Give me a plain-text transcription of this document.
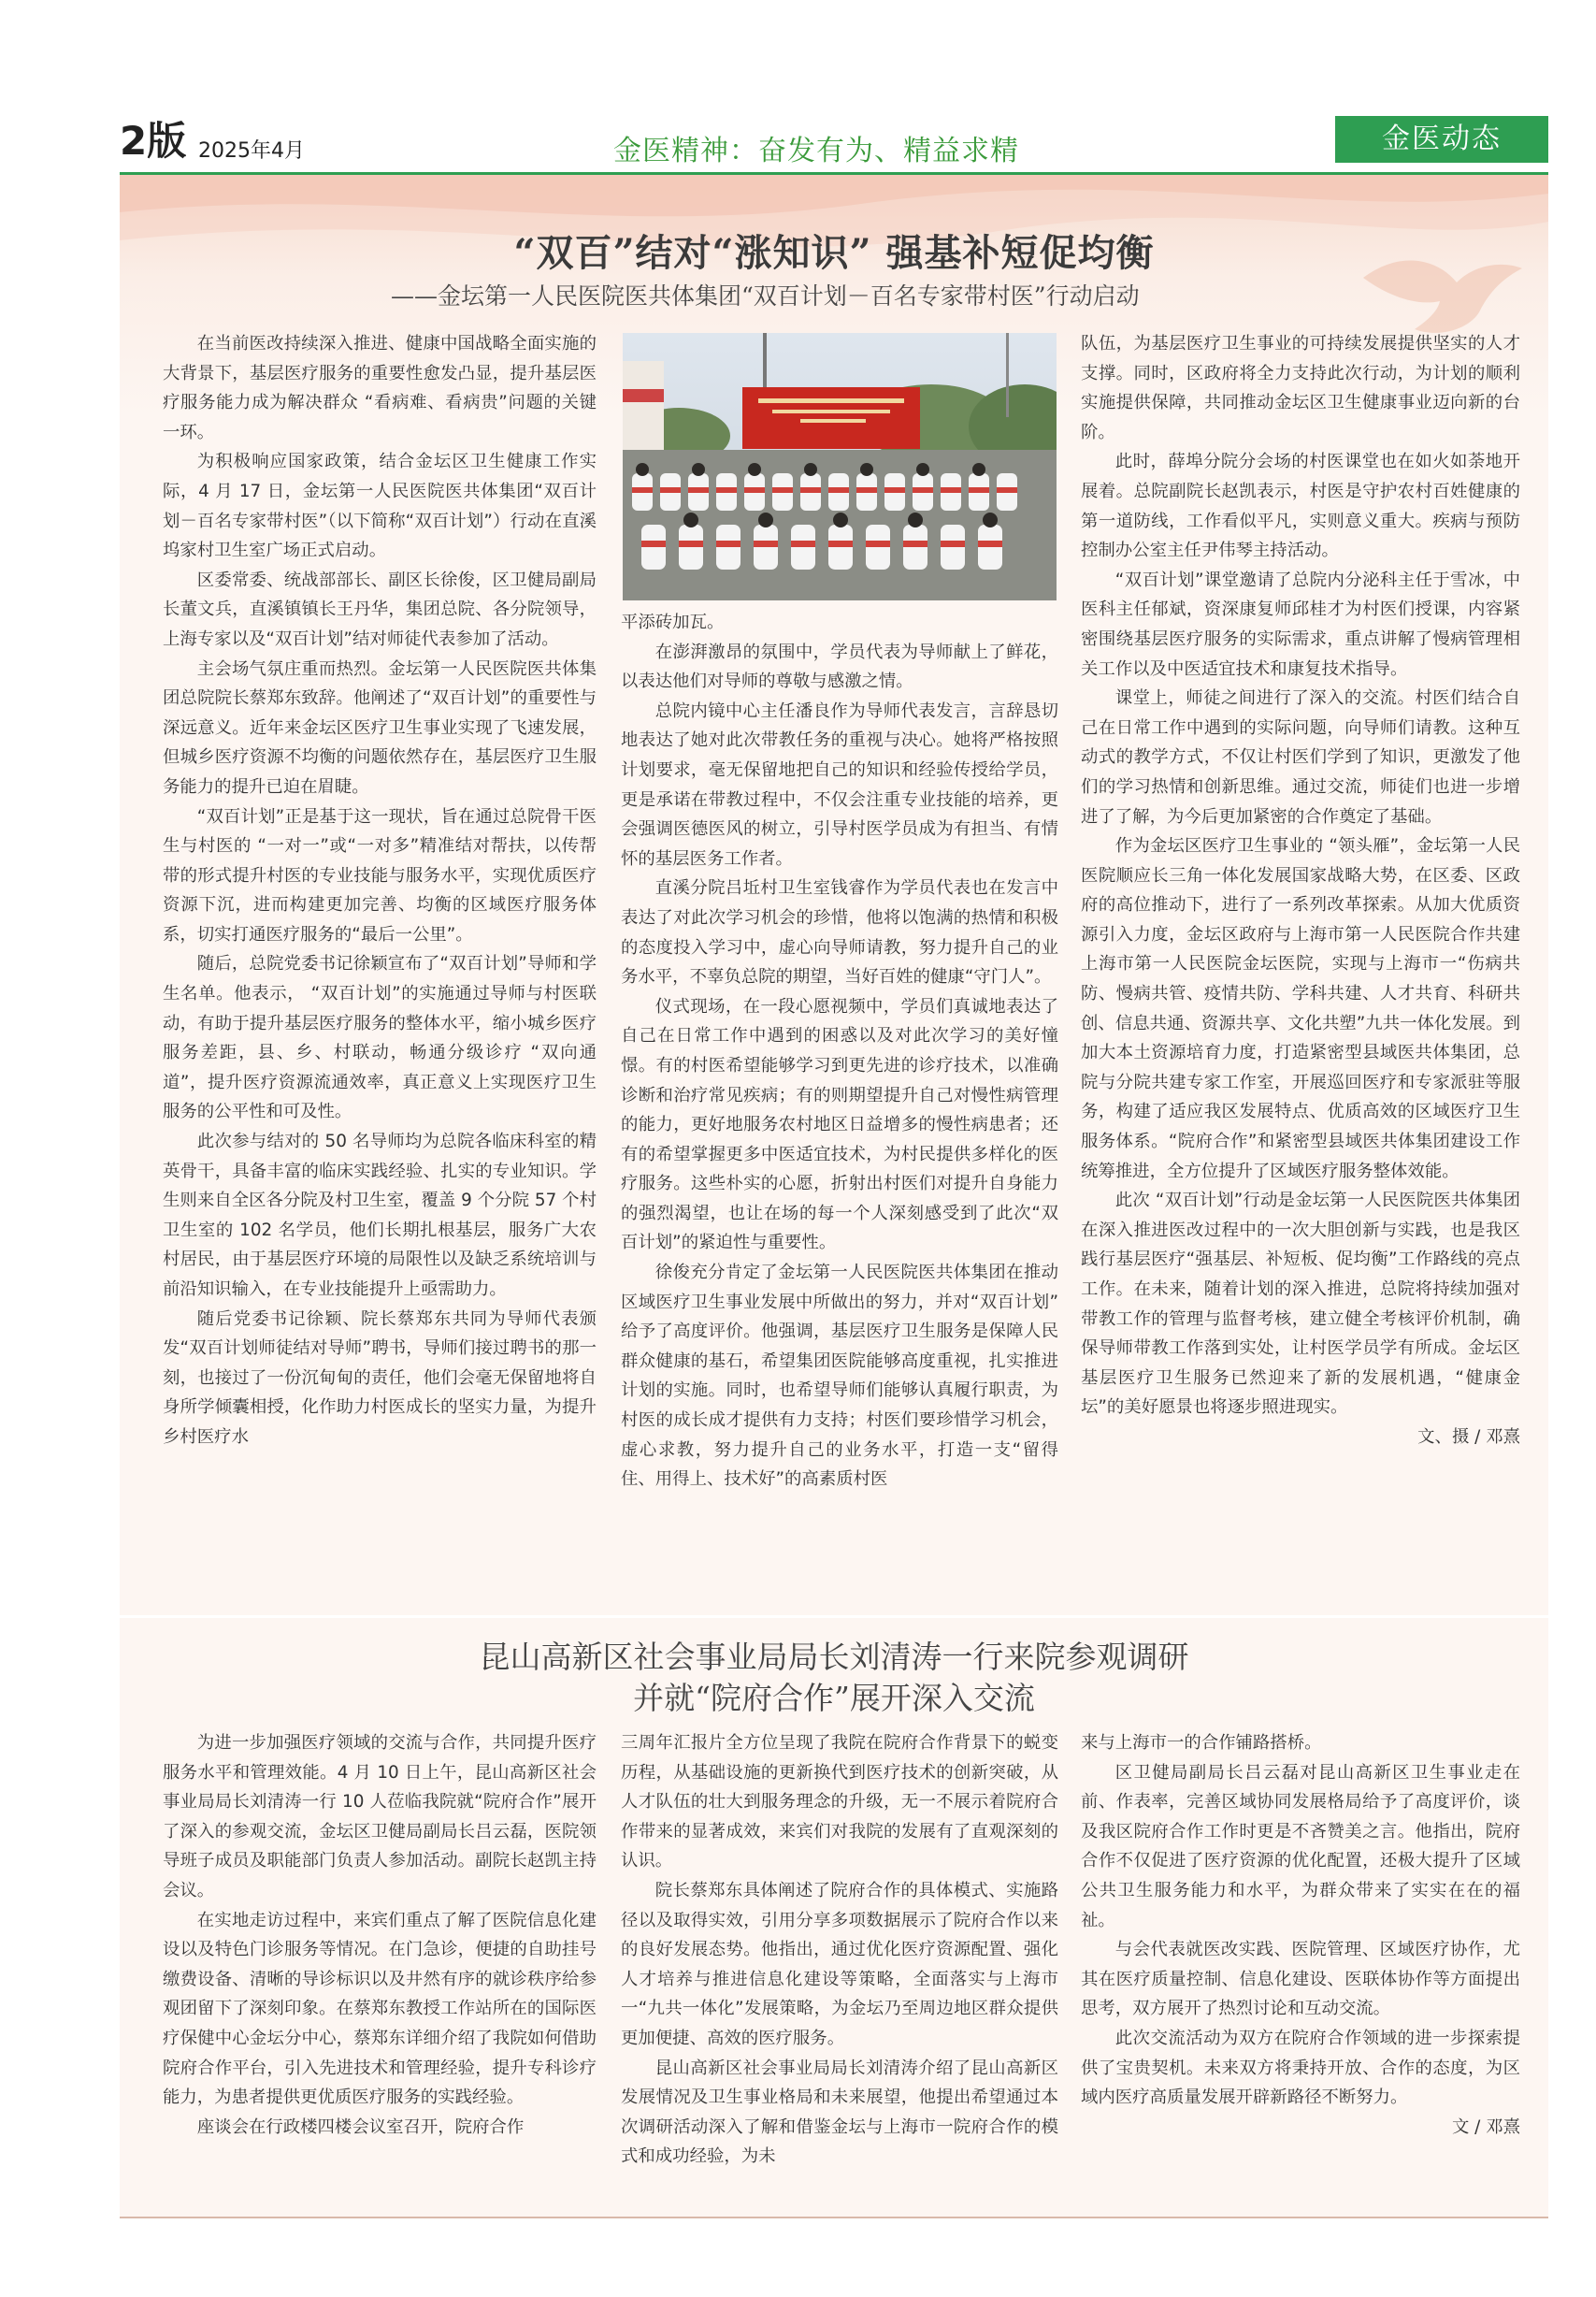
2版 2025年4月	金医精神：奋发有为、精益求精	金医动态
“双百”结对“涨知识” 强基补短促均衡
——金坛第一人民医院医共体集团“双百计划－百名专家带村医”行动启动

在当前医改持续深入推进、健康中国战略全面实施的大背景下，基层医疗服务的重要性愈发凸显，提升基层医疗服务能力成为解决群众 “看病难、看病贵”问题的关键一环。

为积极响应国家政策，结合金坛区卫生健康工作实际，4 月 17 日，金坛第一人民医院医共体集团“双百计划－百名专家带村医”（以下简称“双百计划”）行动在直溪坞家村卫生室广场正式启动。

区委常委、统战部部长、副区长徐俊，区卫健局副局长董文兵，直溪镇镇长王丹华，集团总院、各分院领导，上海专家以及“双百计划”结对师徒代表参加了活动。

主会场气氛庄重而热烈。金坛第一人民医院医共体集团总院院长蔡郑东致辞。他阐述了“双百计划”的重要性与深远意义。近年来金坛区医疗卫生事业实现了飞速发展，但城乡医疗资源不均衡的问题依然存在，基层医疗卫生服务能力的提升已迫在眉睫。

“双百计划”正是基于这一现状，旨在通过总院骨干医生与村医的 “一对一”或“一对多”精准结对帮扶，以传帮带的形式提升村医的专业技能与服务水平，实现优质医疗资源下沉，进而构建更加完善、均衡的区域医疗服务体系，切实打通医疗服务的“最后一公里”。

随后，总院党委书记徐颖宣布了“双百计划”导师和学生名单。他表示， “双百计划”的实施通过导师与村医联动，有助于提升基层医疗服务的整体水平，缩小城乡医疗服务差距，县、乡、村联动，畅通分级诊疗 “双向通道”，提升医疗资源流通效率，真正意义上实现医疗卫生服务的公平性和可及性。

此次参与结对的 50 名导师均为总院各临床科室的精英骨干，具备丰富的临床实践经验、扎实的专业知识。学生则来自全区各分院及村卫生室，覆盖 9 个分院 57 个村卫生室的 102 名学员，他们长期扎根基层，服务广大农村居民，由于基层医疗环境的局限性以及缺乏系统培训与前沿知识输入，在专业技能提升上亟需助力。

随后党委书记徐颖、院长蔡郑东共同为导师代表颁发“双百计划师徒结对导师”聘书，导师们接过聘书的那一刻，也接过了一份沉甸甸的责任，他们会毫无保留地将自身所学倾囊相授，化作助力村医成长的坚实力量，为提升乡村医疗水

平添砖加瓦。

在澎湃激昂的氛围中，学员代表为导师献上了鲜花，以表达他们对导师的尊敬与感激之情。

总院内镜中心主任潘良作为导师代表发言，言辞恳切地表达了她对此次带教任务的重视与决心。她将严格按照计划要求，毫无保留地把自己的知识和经验传授给学员，更是承诺在带教过程中，不仅会注重专业技能的培养，更会强调医德医风的树立，引导村医学员成为有担当、有情怀的基层医务工作者。

直溪分院吕坵村卫生室钱睿作为学员代表也在发言中表达了对此次学习机会的珍惜，他将以饱满的热情和积极的态度投入学习中，虚心向导师请教，努力提升自己的业务水平，不辜负总院的期望，当好百姓的健康“守门人”。

仪式现场，在一段心愿视频中，学员们真诚地表达了自己在日常工作中遇到的困惑以及对此次学习的美好憧憬。有的村医希望能够学习到更先进的诊疗技术，以准确诊断和治疗常见疾病；有的则期望提升自己对慢性病管理的能力，更好地服务农村地区日益增多的慢性病患者；还有的希望掌握更多中医适宜技术，为村民提供多样化的医疗服务。这些朴实的心愿，折射出村医们对提升自身能力的强烈渴望，也让在场的每一个人深刻感受到了此次“双百计划”的紧迫性与重要性。

徐俊充分肯定了金坛第一人民医院医共体集团在推动区域医疗卫生事业发展中所做出的努力，并对“双百计划” 给予了高度评价。他强调，基层医疗卫生服务是保障人民群众健康的基石，希望集团医院能够高度重视，扎实推进计划的实施。同时，也希望导师们能够认真履行职责，为村医的成长成才提供有力支持；村医们要珍惜学习机会，虚心求教，努力提升自己的业务水平，打造一支“留得住、用得上、技术好”的高素质村医

队伍，为基层医疗卫生事业的可持续发展提供坚实的人才支撑。同时，区政府将全力支持此次行动，为计划的顺利实施提供保障，共同推动金坛区卫生健康事业迈向新的台阶。

此时，薛埠分院分会场的村医课堂也在如火如荼地开展着。总院副院长赵凯表示，村医是守护农村百姓健康的第一道防线，工作看似平凡，实则意义重大。疾病与预防控制办公室主任尹伟琴主持活动。

“双百计划”课堂邀请了总院内分泌科主任于雪冰，中医科主任郁斌，资深康复师邱桂才为村医们授课，内容紧密围绕基层医疗服务的实际需求，重点讲解了慢病管理相关工作以及中医适宜技术和康复技术指导。

课堂上，师徒之间进行了深入的交流。村医们结合自己在日常工作中遇到的实际问题，向导师们请教。这种互动式的教学方式，不仅让村医们学到了知识，更激发了他们的学习热情和创新思维。通过交流，师徒们也进一步增进了了解，为今后更加紧密的合作奠定了基础。

作为金坛区医疗卫生事业的 “领头雁”，金坛第一人民医院顺应长三角一体化发展国家战略大势，在区委、区政府的高位推动下，进行了一系列改革探索。从加大优质资源引入力度，金坛区政府与上海市第一人民医院合作共建上海市第一人民医院金坛医院，实现与上海市一“伤病共防、慢病共管、疫情共防、学科共建、人才共育、科研共创、信息共通、资源共享、文化共塑”九共一体化发展。到加大本土资源培育力度，打造紧密型县域医共体集团，总院与分院共建专家工作室，开展巡回医疗和专家派驻等服务，构建了适应我区发展特点、优质高效的区域医疗卫生服务体系。“院府合作”和紧密型县域医共体集团建设工作统筹推进，全方位提升了区域医疗服务整体效能。

此次 “双百计划”行动是金坛第一人民医院医共体集团在深入推进医改过程中的一次大胆创新与实践，也是我区践行基层医疗“强基层、补短板、促均衡”工作路线的亮点工作。在未来，随着计划的深入推进，总院将持续加强对带教工作的管理与监督考核，建立健全考核评价机制，确保导师带教工作落到实处，让村医学员学有所成。金坛区基层医疗卫生服务已然迎来了新的发展机遇，“健康金坛”的美好愿景也将逐步照进现实。

文、摄 / 邓熹

昆山高新区社会事业局局长刘清涛一行来院参观调研
并就“院府合作”展开深入交流

为进一步加强医疗领域的交流与合作，共同提升医疗服务水平和管理效能。4 月 10 日上午，昆山高新区社会事业局局长刘清涛一行 10 人莅临我院就“院府合作”展开了深入的参观交流，金坛区卫健局副局长吕云磊，医院领导班子成员及职能部门负责人参加活动。副院长赵凯主持会议。

在实地走访过程中，来宾们重点了解了医院信息化建设以及特色门诊服务等情况。在门急诊，便捷的自助挂号缴费设备、清晰的导诊标识以及井然有序的就诊秩序给参观团留下了深刻印象。在蔡郑东教授工作站所在的国际医疗保健中心金坛分中心，蔡郑东详细介绍了我院如何借助院府合作平台，引入先进技术和管理经验，提升专科诊疗能力，为患者提供更优质医疗服务的实践经验。

座谈会在行政楼四楼会议室召开，院府合作

三周年汇报片全方位呈现了我院在院府合作背景下的蜕变历程，从基础设施的更新换代到医疗技术的创新突破，从人才队伍的壮大到服务理念的升级，无一不展示着院府合作带来的显著成效，来宾们对我院的发展有了直观深刻的认识。

院长蔡郑东具体阐述了院府合作的具体模式、实施路径以及取得实效，引用分享多项数据展示了院府合作以来的良好发展态势。他指出，通过优化医疗资源配置、强化人才培养与推进信息化建设等策略，全面落实与上海市一“九共一体化”发展策略，为金坛乃至周边地区群众提供更加便捷、高效的医疗服务。

昆山高新区社会事业局局长刘清涛介绍了昆山高新区发展情况及卫生事业格局和未来展望，他提出希望通过本次调研活动深入了解和借鉴金坛与上海市一院府合作的模式和成功经验，为未

来与上海市一的合作铺路搭桥。

区卫健局副局长吕云磊对昆山高新区卫生事业走在前、作表率，完善区域协同发展格局给予了高度评价，谈及我区院府合作工作时更是不吝赞美之言。他指出，院府合作不仅促进了医疗资源的优化配置，还极大提升了区域公共卫生服务能力和水平，为群众带来了实实在在的福祉。

与会代表就医改实践、医院管理、区域医疗协作，尤其在医疗质量控制、信息化建设、医联体协作等方面提出思考，双方展开了热烈讨论和互动交流。

此次交流活动为双方在院府合作领域的进一步探索提供了宝贵契机。未来双方将秉持开放、合作的态度，为区域内医疗高质量发展开辟新路径不断努力。

文 / 邓熹
